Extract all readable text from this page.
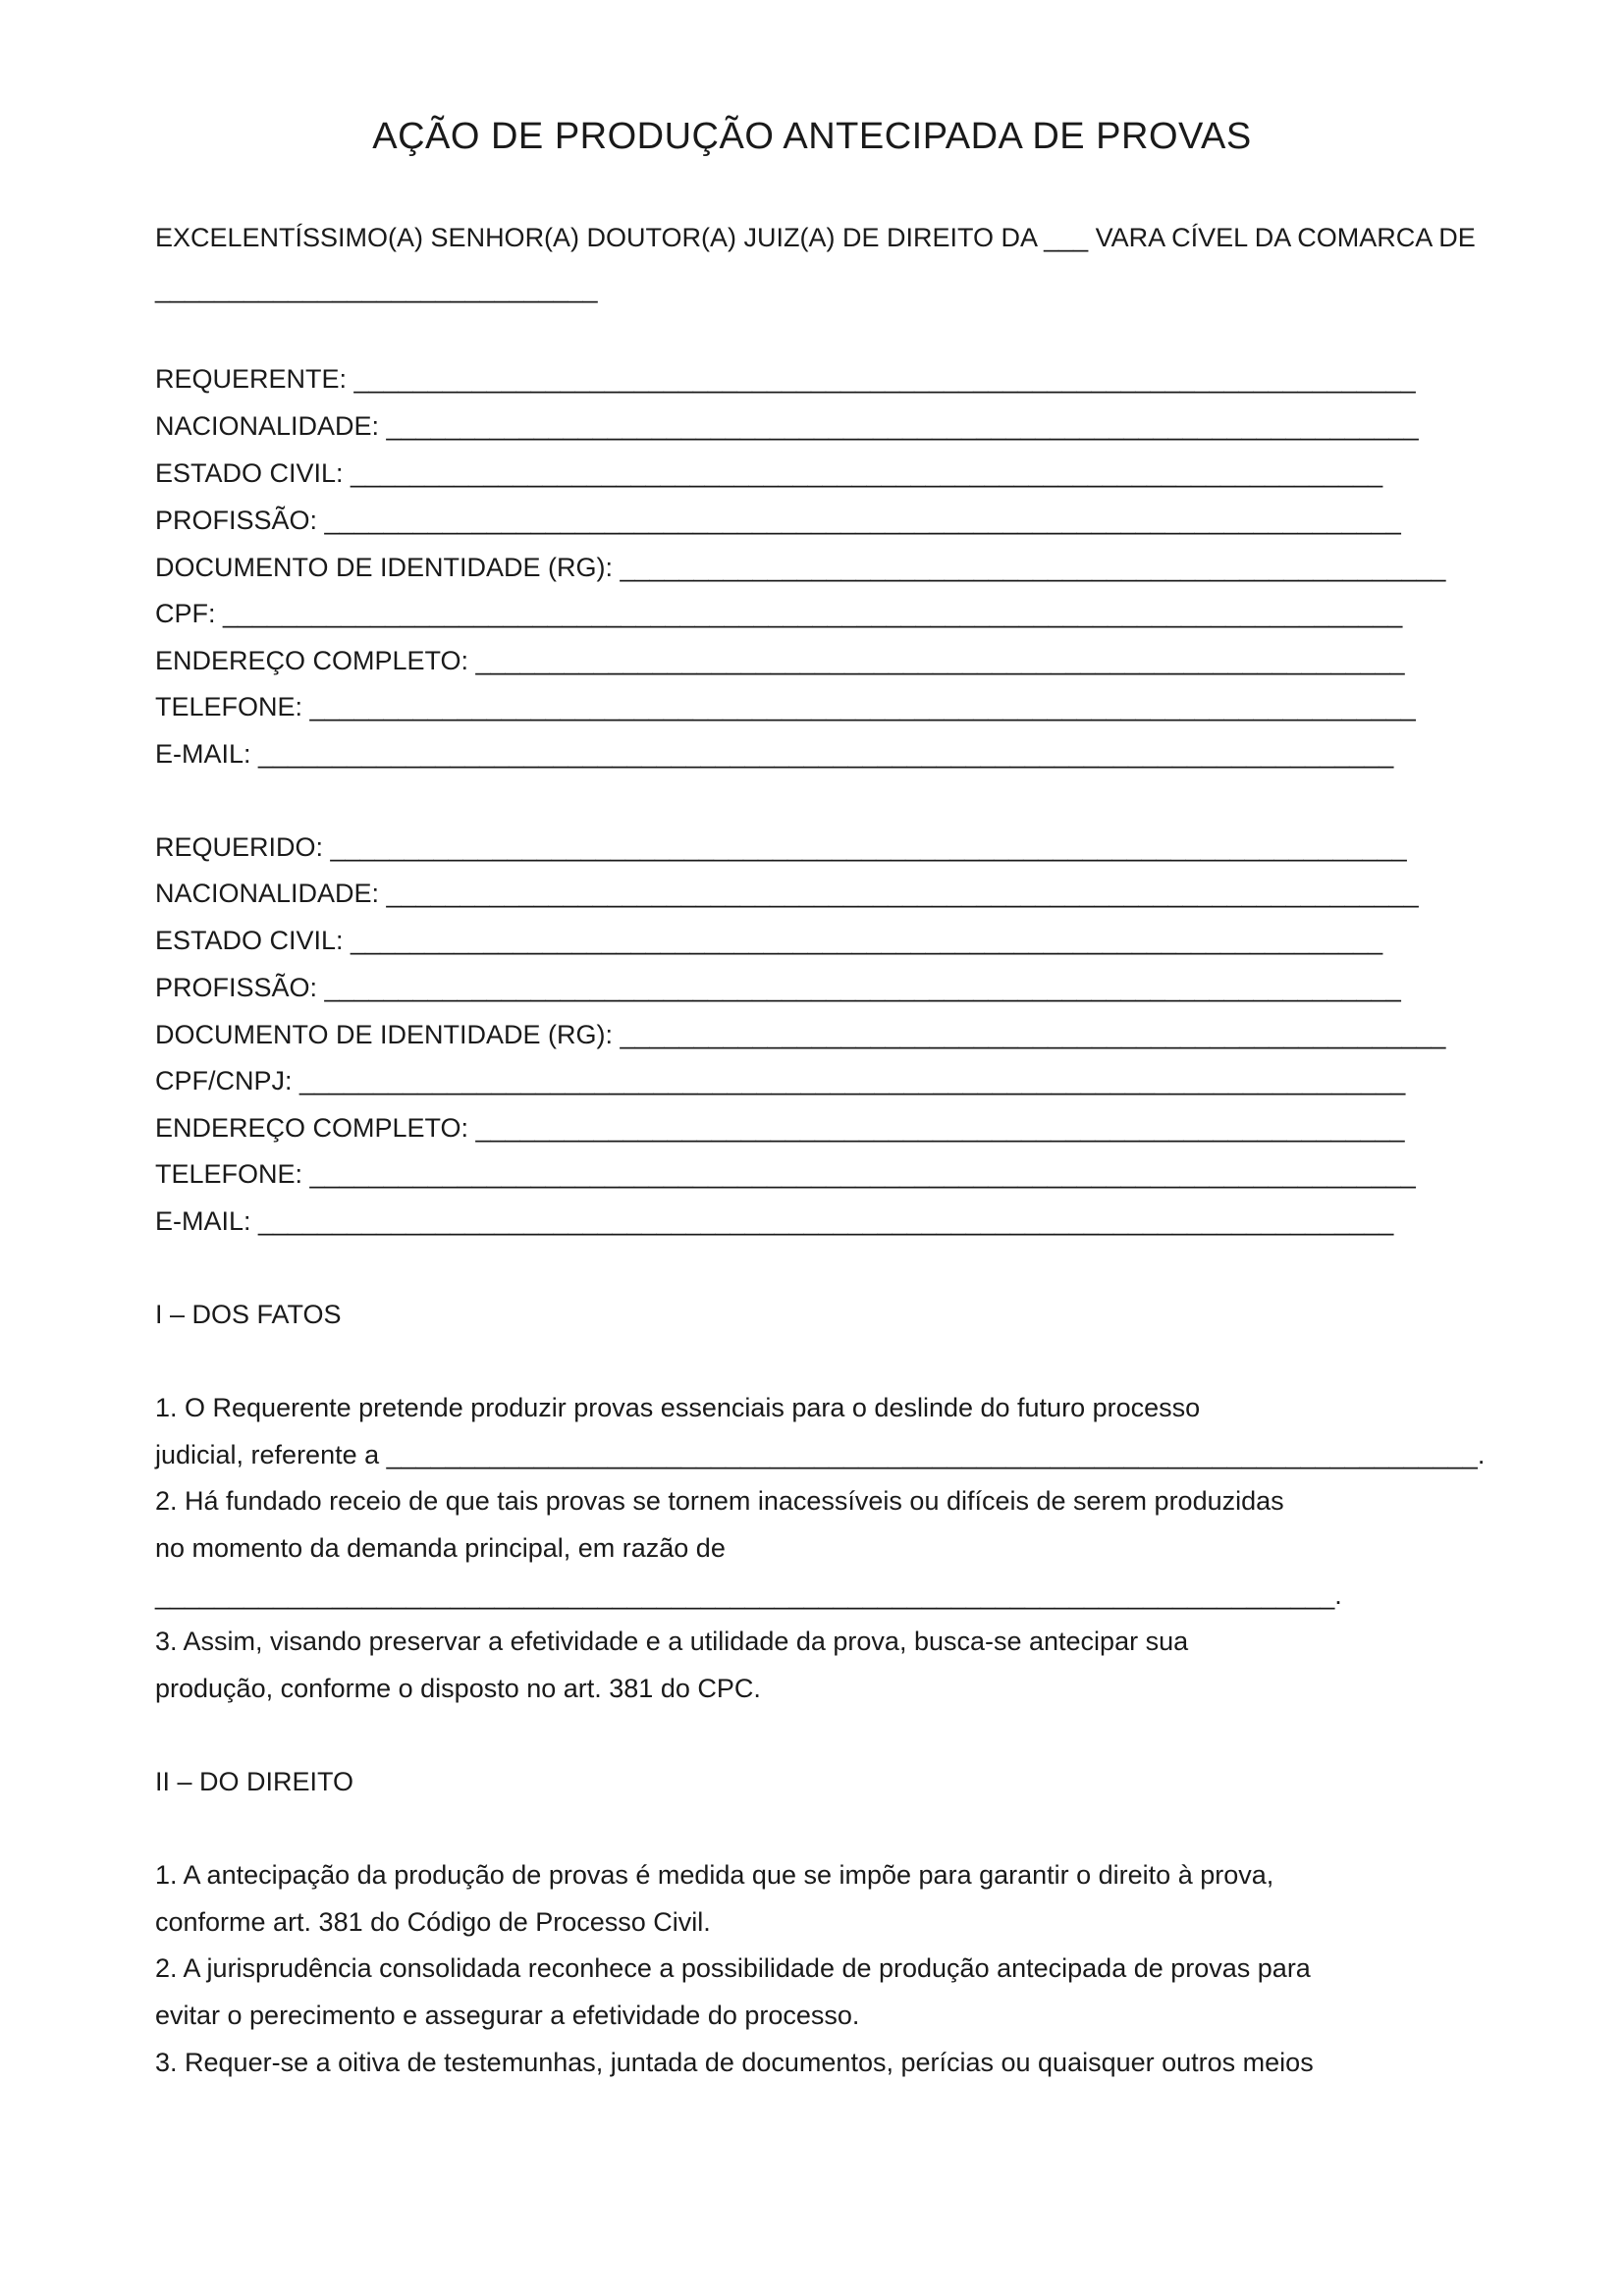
AÇÃO DE PRODUÇÃO ANTECIPADA DE PROVAS
EXCELENTÍSSIMO(A) SENHOR(A) DOUTOR(A) JUIZ(A) DE DIREITO DA ___ VARA CÍVEL DA COMARCA DE
______________________________
REQUERENTE: ________________________________________________________________________
NACIONALIDADE: ______________________________________________________________________
ESTADO CIVIL: ______________________________________________________________________
PROFISSÃO: _________________________________________________________________________
DOCUMENTO DE IDENTIDADE (RG): ________________________________________________________
CPF: ________________________________________________________________________________
ENDEREÇO COMPLETO: _______________________________________________________________
TELEFONE: ___________________________________________________________________________
E-MAIL: _____________________________________________________________________________
REQUERIDO: _________________________________________________________________________
NACIONALIDADE: ______________________________________________________________________
ESTADO CIVIL: ______________________________________________________________________
PROFISSÃO: _________________________________________________________________________
DOCUMENTO DE IDENTIDADE (RG): ________________________________________________________
CPF/CNPJ: ___________________________________________________________________________
ENDEREÇO COMPLETO: _______________________________________________________________
TELEFONE: ___________________________________________________________________________
E-MAIL: _____________________________________________________________________________
I – DOS FATOS
1. O Requerente pretende produzir provas essenciais para o deslinde do futuro processo
judicial, referente a __________________________________________________________________________.
2. Há fundado receio de que tais provas se tornem inacessíveis ou difíceis de serem produzidas
no momento da demanda principal, em razão de
________________________________________________________________________________.
3. Assim, visando preservar a efetividade e a utilidade da prova, busca-se antecipar sua
produção, conforme o disposto no art. 381 do CPC.
II – DO DIREITO
1. A antecipação da produção de provas é medida que se impõe para garantir o direito à prova,
conforme art. 381 do Código de Processo Civil.
2. A jurisprudência consolidada reconhece a possibilidade de produção antecipada de provas para
evitar o perecimento e assegurar a efetividade do processo.
3. Requer-se a oitiva de testemunhas, juntada de documentos, perícias ou quaisquer outros meios
